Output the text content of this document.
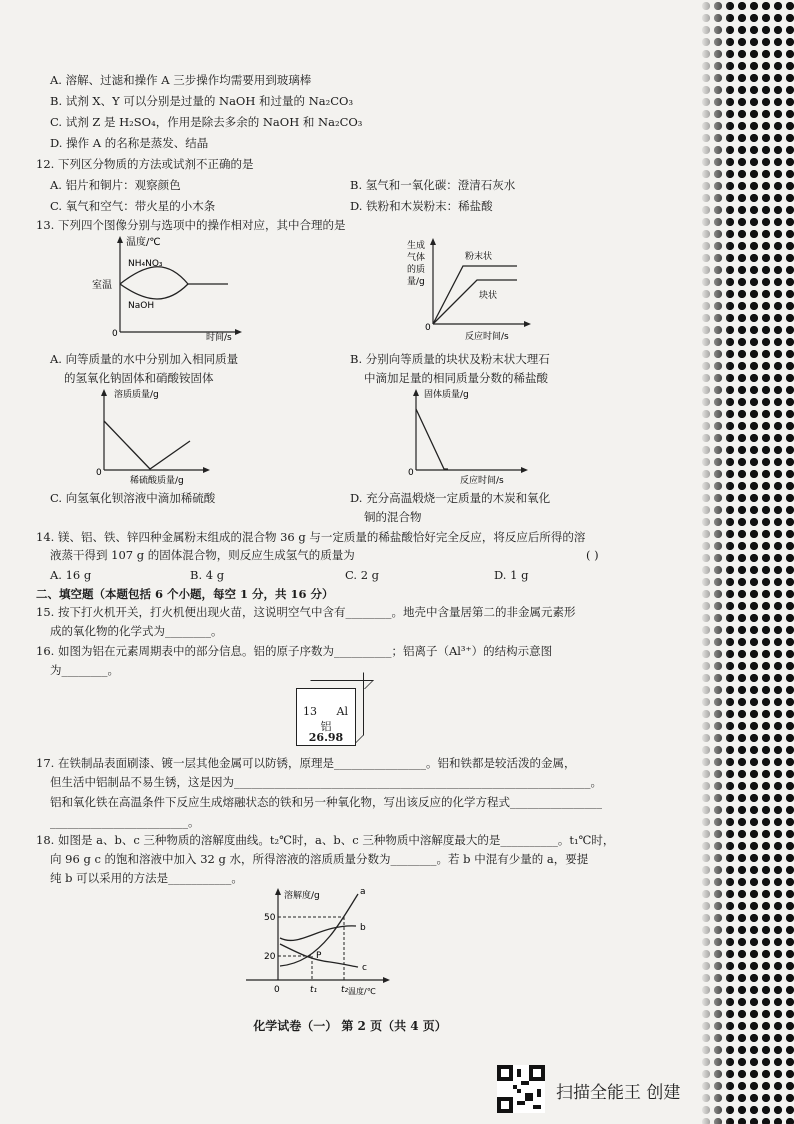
A. 溶解、过滤和操作 A 三步操作均需要用到玻璃棒
B. 试剂 X、Y 可以分别是过量的 NaOH 和过量的 Na₂CO₃
C. 试剂 Z 是 H₂SO₄，作用是除去多余的 NaOH 和 Na₂CO₃
D. 操作 A 的名称是蒸发、结晶
12. 下列区分物质的方法或试剂不正确的是
A. 铝片和铜片：观察颜色	B. 氢气和一氧化碳：澄清石灰水
C. 氧气和空气：带火星的小木条	D. 铁粉和木炭粉末：稀盐酸
13. 下列四个图像分别与选项中的操作相对应，其中合理的是
温度/℃
室温
NH₄NO₃
NaOH
0	时间/s
生成
气体
的质
量/g
粉末状
块状
0
反应时间/s
A. 向等质量的水中分别加入相同质量
的氢氧化钠固体和硝酸铵固体
B. 分别向等质量的块状及粉末状大理石
中滴加足量的相同质量分数的稀盐酸
溶质质量/g
0
稀硫酸质量/g
固体质量/g
0
反应时间/s
C. 向氢氧化钡溶液中滴加稀硫酸	D. 充分高温煅烧一定质量的木炭和氧化
铜的混合物
14. 镁、铝、铁、锌四种金属粉末组成的混合物 36 g 与一定质量的稀盐酸恰好完全反应，将反应后所得的溶
液蒸干得到 107 g 的固体混合物，则反应生成氢气的质量为	( )
A. 16 g	B. 4 g	C. 2 g	D. 1 g
二、填空题（本题包括 6 个小题，每空 1 分，共 16 分）
15. 按下打火机开关，打火机便出现火苗，这说明空气中含有________。地壳中含量居第二的非金属元素形
成的氧化物的化学式为________。
16. 如图为铝在元素周期表中的部分信息。铝的原子序数为__________；铝离子（Al³⁺）的结构示意图
为________。
13 Al
铝
26.98
17. 在铁制品表面刷漆、镀一层其他金属可以防锈，原理是________________。铝和铁都是较活泼的金属，
但生活中铝制品不易生锈，这是因为______________________________________________________________。
铝和氧化铁在高温条件下反应生成熔融状态的铁和另一种氧化物，写出该反应的化学方程式________________
________________________。
18. 如图是 a、b、c 三种物质的溶解度曲线。t₂℃时，a、b、c 三种物质中溶解度最大的是__________。t₁℃时，
向 96 g c 的饱和溶液中加入 32 g 水，所得溶液的溶质质量分数为________。若 b 中混有少量的 a，要提
纯 b 可以采用的方法是___________。
溶解度/g
50
20
0	t₁	t₂ 温度/℃
a
b
c
P
化学试卷（一） 第 2 页（共 4 页）
扫描全能王 创建
